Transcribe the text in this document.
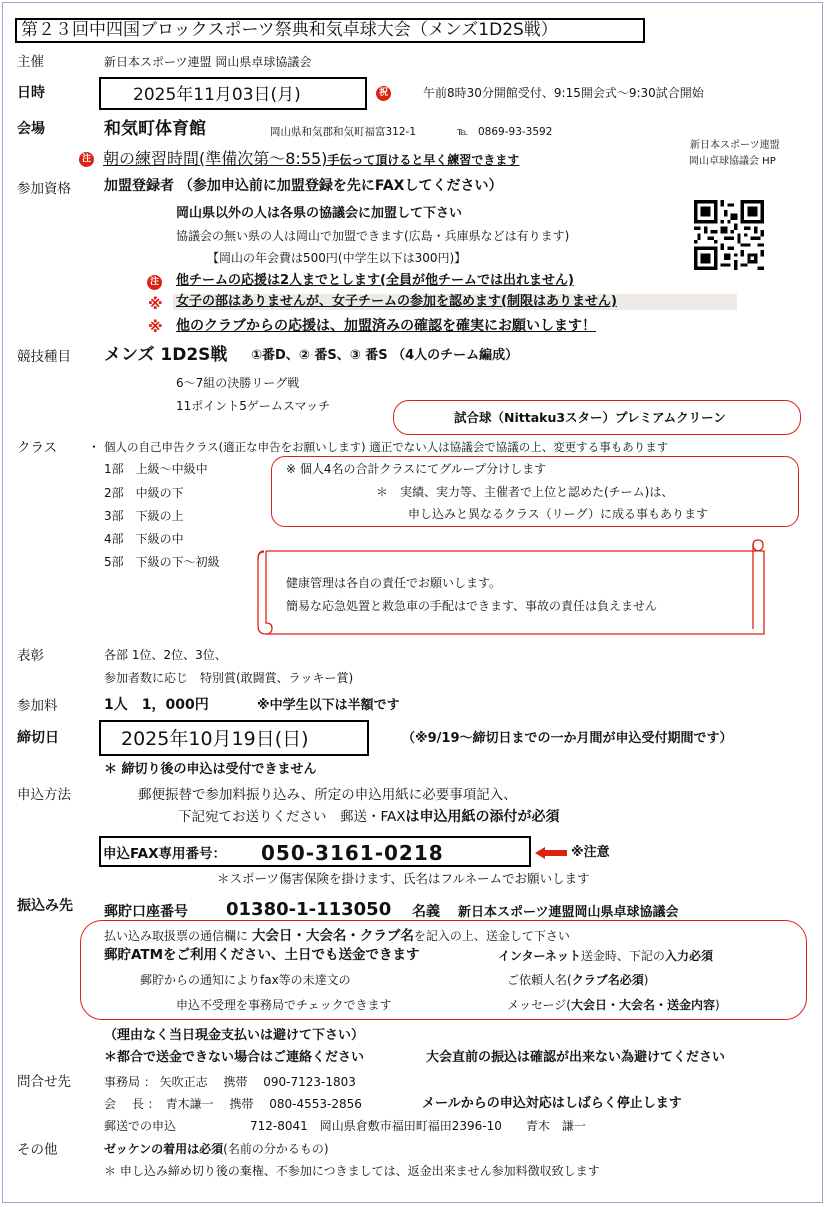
第２３回中四国ブロックスポーツ祭典和気卓球大会（メンズ1D2S戦）
主催	新日本スポーツ連盟 岡山県卓球協議会
日時	2025年11月03日(月)	祝	午前8時30分開館受付、9:15開会式〜9:30試合開始
会場	和気町体育館	岡山県和気郡和気町福富312-1	℡ 0869-93-3592
注 朝の練習時間(準備次第〜8:55)手伝って頂けると早く練習できます
新日本スポーツ連盟
岡山卓球協議会 HP
参加資格 加盟登録者 （参加申込前に加盟登録を先にFAXしてください）
岡山県以外の人は各県の協議会に加盟して下さい
協議会の無い県の人は岡山で加盟できます(広島・兵庫県などは有ります)
【岡山の年会費は500円(中学生以下は300円)】
注 他チームの応援は2人までとします(全員が他チームでは出れません)
※ 女子の部はありませんが、女子チームの参加を認めます(制限はありません)
※ 他のクラブからの応援は、加盟済みの確認を確実にお願いします！
競技種目 メンズ 1D2S戦 ①番D、② 番S、③ 番S （4人のチーム編成）
6〜7組の決勝リーグ戦
11ポイント5ゲームスマッチ
試合球（Nittaku3スター）プレミアムクリーン
クラス	・ 個人の自己申告クラス(適正な申告をお願いします) 適正でない人は協議会で協議の上、変更する事もあります
1部　上級〜中級中
2部　中級の下
3部　下級の上
4部　下級の中
5部　下級の下〜初級
※ 個人4名の合計クラスにてグループ分けします
＊　実績、実力等、主催者で上位と認めた(チーム)は、
申し込みと異なるクラス（リーグ）に成る事もあります
健康管理は各自の責任でお願いします。
簡易な応急処置と救急車の手配はできます、事故の責任は負えません
表彰	各部 1位、2位、3位、
参加者数に応じ　特別賞(敢闘賞、ラッキー賞)
参加料	1人　1，000円	※中学生以下は半額です
締切日	2025年10月19日(日)	（※9/19〜締切日までの一か月間が申込受付期間です）
＊ 締切り後の申込は受付できません
申込方法	郵便振替で参加料振り込み、所定の申込用紙に必要事項記入、
下記宛てお送りください　郵送・FAXは申込用紙の添付が必須
申込FAX専用番号： 050-3161-0218	※注意
＊スポーツ傷害保険を掛けます、氏名はフルネームでお願いします
振込み先 郵貯口座番号 01380-1-113050 名義 新日本スポーツ連盟岡山県卓球協議会
払い込み取扱票の通信欄に 大会日・大会名・クラブ名を記入の上、送金して下さい
郵貯ATMをご利用ください、土日でも送金できます	インターネット送金時、下記の入力必須
郵貯からの通知によりfax等の未達文の	ご依頼人名(クラブ名必須)
申込不受理を事務局でチェックできます	メッセージ(大会日・大会名・送金内容)
（理由なく当日現金支払いは避けて下さい）
＊都合で送金できない場合はご連絡ください	大会直前の振込は確認が出来ない為避けてください
問合せ先	事務局 ： 矢吹正志　 携帯　 090-7123-1803
会　 長 ：　青木謙一　 携帯　 080-4553-2856	メールからの申込対応はしばらく停止します
郵送での申込	712-8041　岡山県倉敷市福田町福田2396-10　　青木　謙一
その他	ゼッケンの着用は必須(名前の分かるもの)
＊ 申し込み締め切り後の棄権、不参加につきましては、返金出来ません参加料徴収致します
